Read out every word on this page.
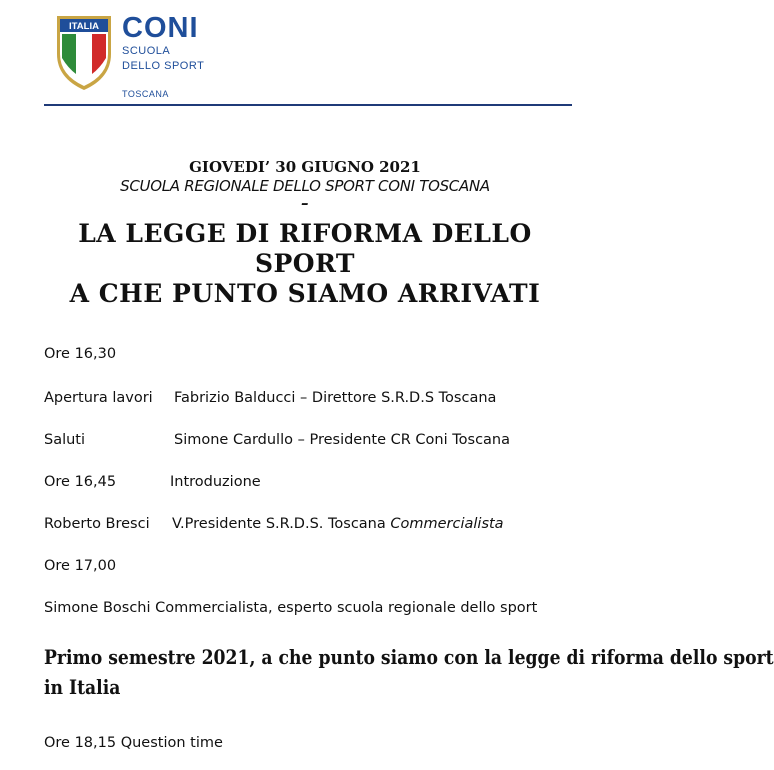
ITALIA CONI
SCUOLA
DELLO SPORT
TOSCANA
GIOVEDI’ 30 GIUGNO 2021
SCUOLA REGIONALE DELLO SPORT CONI TOSCANA
–
LA LEGGE DI RIFORMA DELLO
SPORT
A CHE PUNTO SIAMO ARRIVATI
Ore 16,30
Apertura lavori Fabrizio Balducci – Direttore S.R.D.S Toscana
Saluti	Simone Cardullo – Presidente CR Coni Toscana
Ore 16,45	Introduzione
Roberto Bresci V.Presidente S.R.D.S. Toscana Commercialista
Ore 17,00
Simone Boschi Commercialista, esperto scuola regionale dello sport
Ore 18,15 Question time
Primo semestre 2021, a che punto siamo con la legge di riforma dello sport
in Italia
